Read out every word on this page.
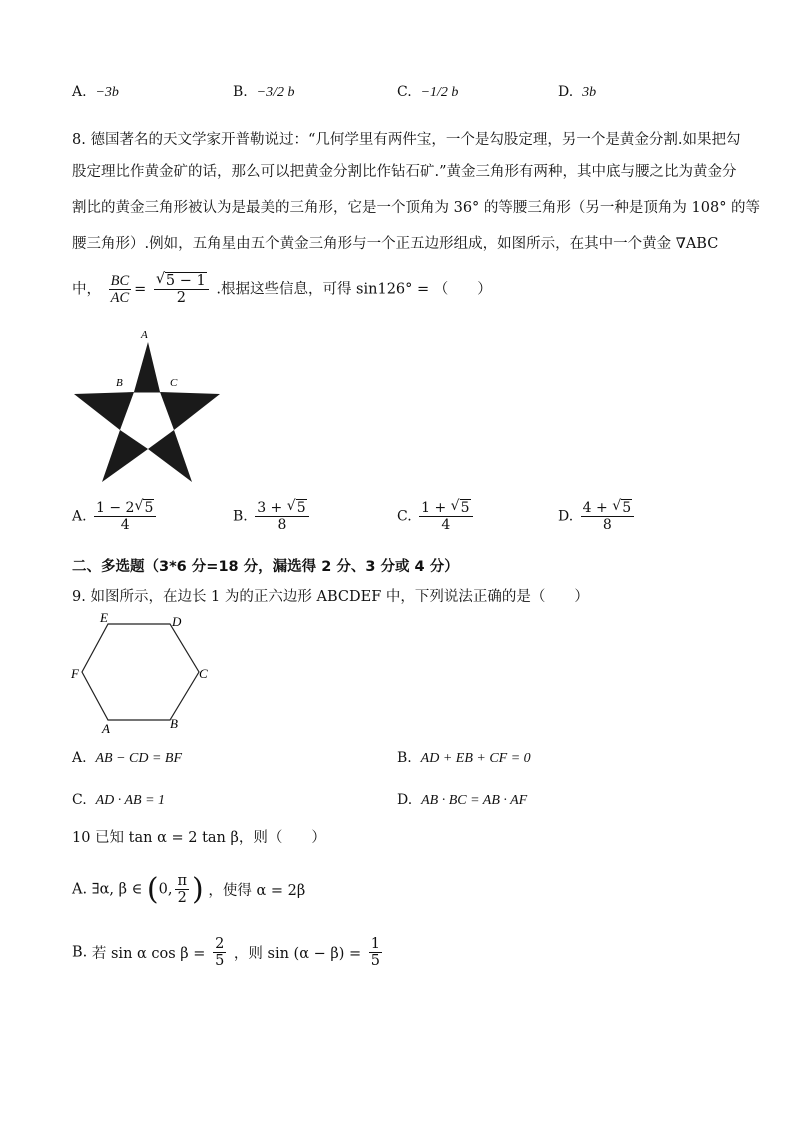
A. −3b	B. −3/2 b	C. −1/2 b	D. 3b
8. 德国著名的天文学家开普勒说过：“几何学里有两件宝，一个是勾股定理，另一个是黄金分割.如果把勾
股定理比作黄金矿的话，那么可以把黄金分割比作钻石矿.”黄金三角形有两种，其中底与腰之比为黄金分
割比的黄金三角形被认为是最美的三角形，它是一个顶角为 36° 的等腰三角形（另一种是顶角为 108° 的等
腰三角形）.例如，五角星由五个黄金三角形与一个正五边形组成，如图所示，在其中一个黄金 ∇ABC
中， $\frac{BC}{AC}$ = √ $\frac{5 - 1}{2}$ .根据这些信息，可得 sin126° = （　　）
A
B	C
A. $\frac{1 - 2 √ 5}{4}$	B. $\frac{3 + √ 5}{8}$	C. $\frac{1 + √ 5}{4}$	D. $\frac{4 + √ 5}{8}$
二、多选题（3*6 分=18 分，漏选得 2 分、3 分或 4 分）
9. 如图所示，在边长 1 为的正六边形 ABCDEF 中，下列说法正确的是（　　）
E	D
C
F
A	B
A. AB − CD = BF	B. AD + EB + CF = 0
C. AD · AB = 1	D. AB · BC = AB · AF
10 已知 tan α = 2 tan β，则（　　）
A. ∃α, β ∈ (0, $\frac{\pi}{2}$ ) ，使得 α = 2β
B. 若 sin α $\cos \beta = \frac{2}{5}$ ，则 $\sin (\alpha - \beta) = \frac{1}{5}$
